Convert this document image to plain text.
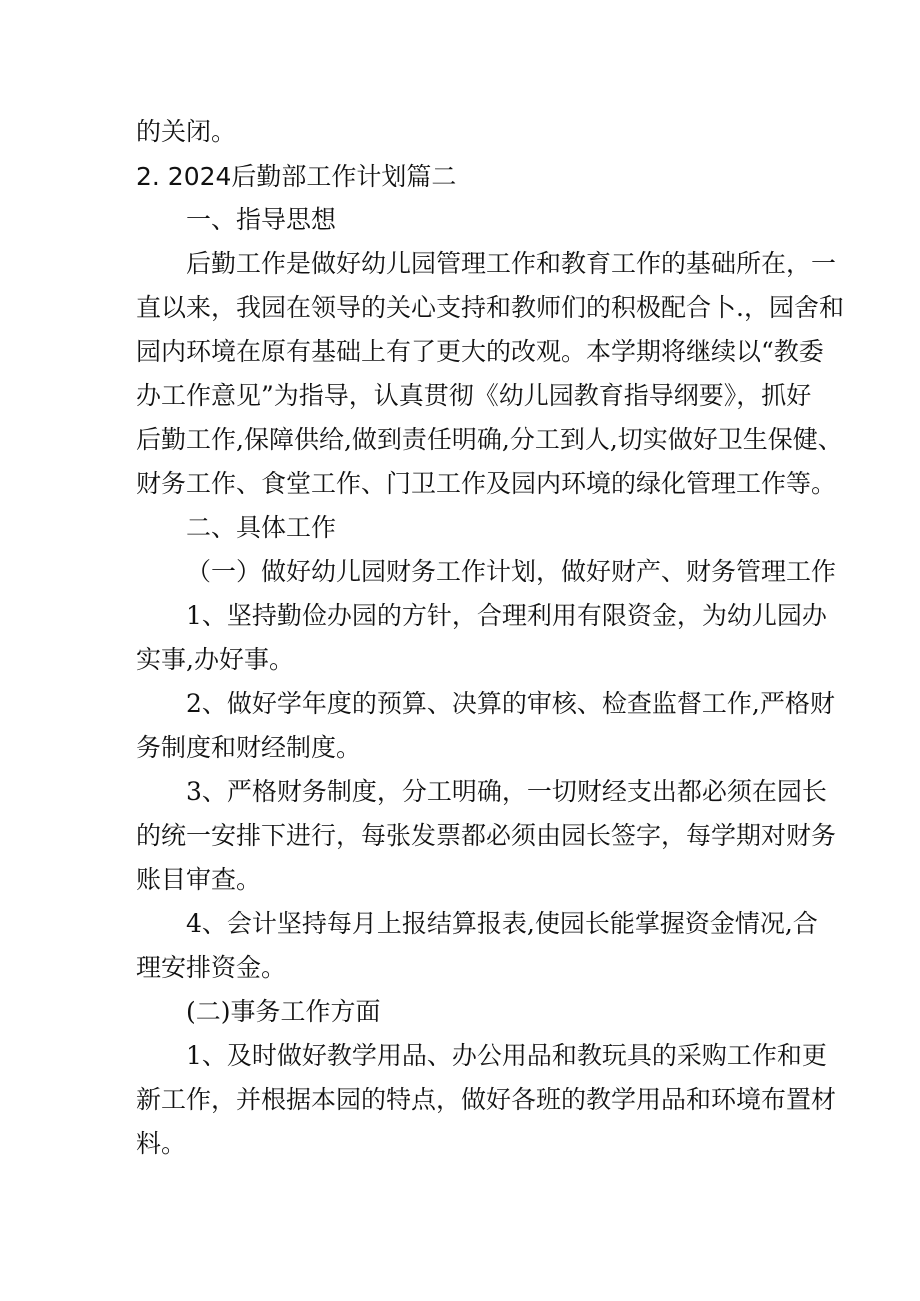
的关闭。
2. 2024后勤部工作计划篇二
一、指导思想
后勤工作是做好幼儿园管理工作和教育工作的基础所在，一
直以来，我园在领导的关心支持和教师们的积极配合卜.，园舍和
园内环境在原有基础上有了更大的改观。本学期将继续以“教委
办工作意见”为指导，认真贯彻《幼儿园教育指导纲要》，抓好
后勤工作,保障供给,做到责任明确,分工到人,切实做好卫生保健、
财务工作、食堂工作、门卫工作及园内环境的绿化管理工作等。
二、具体工作
（一）做好幼儿园财务工作计划，做好财产、财务管理工作
1、坚持勤俭办园的方针，合理利用有限资金，为幼儿园办
实事,办好事。
2、做好学年度的预算、决算的审核、检查监督工作,严格财
务制度和财经制度。
3、严格财务制度，分工明确，一切财经支出都必须在园长
的统一安排下进行，每张发票都必须由园长签字，每学期对财务
账目审查。
4、会计坚持每月上报结算报表,使园长能掌握资金情况,合
理安排资金。
(二)事务工作方面
1、及时做好教学用品、办公用品和教玩具的采购工作和更
新工作，并根据本园的特点，做好各班的教学用品和环境布置材
料。
